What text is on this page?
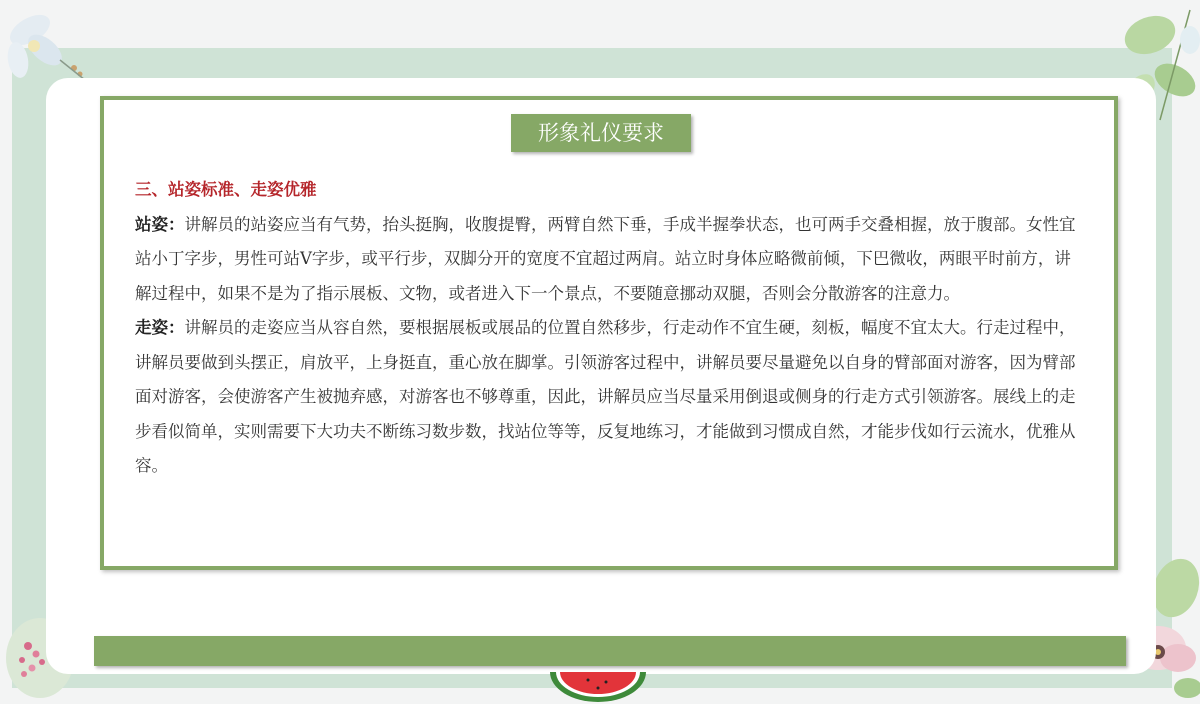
形象礼仪要求

三、站姿标准、走姿优雅

站姿：讲解员的站姿应当有气势，抬头挺胸，收腹提臀，两臂自然下垂，手成半握拳状态，也可两手交叠相握，放于腹部。女性宜站小丁字步，男性可站V字步，或平行步，双脚分开的宽度不宜超过两肩。站立时身体应略微前倾，下巴微收，两眼平时前方，讲解过程中，如果不是为了指示展板、文物，或者进入下一个景点，不要随意挪动双腿，否则会分散游客的注意力。

走姿：讲解员的走姿应当从容自然，要根据展板或展品的位置自然移步，行走动作不宜生硬，刻板，幅度不宜太大。行走过程中，讲解员要做到头摆正，肩放平，上身挺直，重心放在脚掌。引领游客过程中，讲解员要尽量避免以自身的臂部面对游客，因为臂部面对游客，会使游客产生被抛弃感，对游客也不够尊重，因此，讲解员应当尽量采用倒退或侧身的行走方式引领游客。展线上的走步看似简单，实则需要下大功夫不断练习数步数，找站位等等，反复地练习，才能做到习惯成自然，才能步伐如行云流水，优雅从容。
